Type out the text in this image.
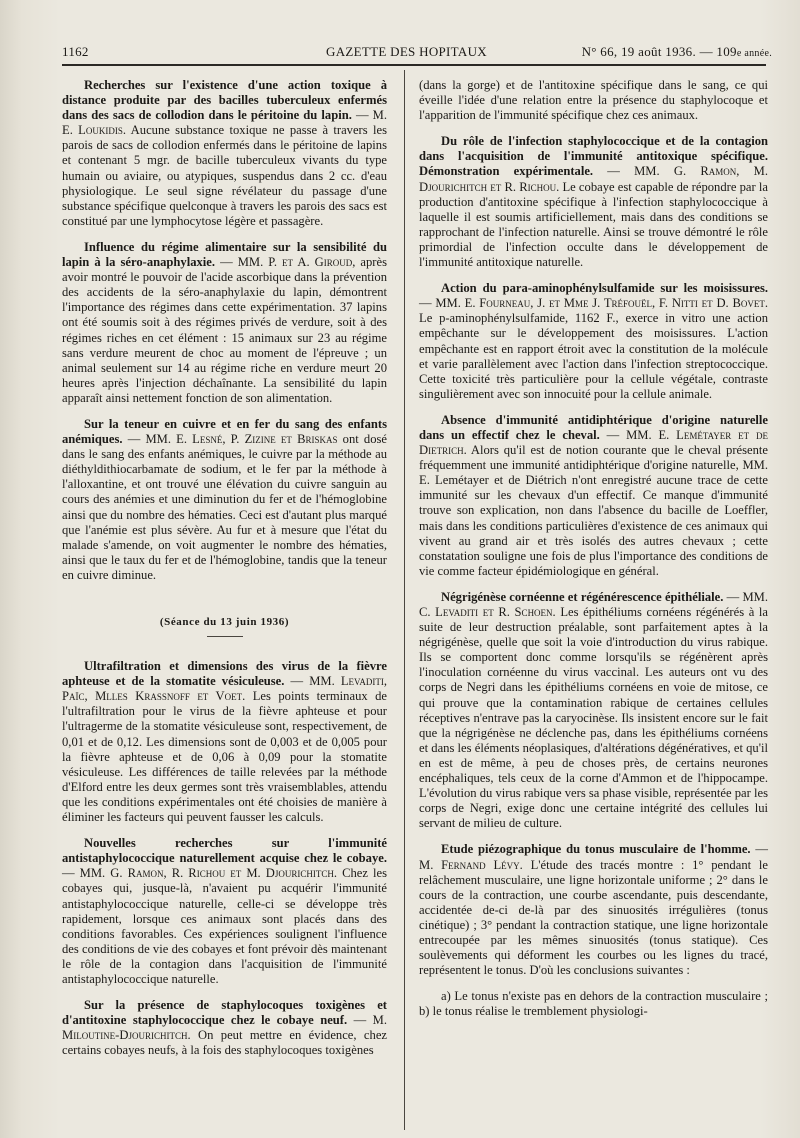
1162	GAZETTE DES HOPITAUX	N° 66, 19 août 1936. — 109e année.

Recherches sur l'existence d'une action toxique à distance produite par des bacilles tuberculeux enfermés dans des sacs de collodion dans le péritoine du lapin. — M. E. Loukidis. Aucune substance toxique ne passe à travers les parois de sacs de collodion enfermés dans le péritoine de lapins et contenant 5 mgr. de bacille tuberculeux vivants du type humain ou aviaire, ou atypiques, suspendus dans 2 cc. d'eau physiologique. Le seul signe révélateur du passage d'une substance spécifique quelconque à travers les parois des sacs est constitué par une lymphocytose légère et passagère.

Influence du régime alimentaire sur la sensibilité du lapin à la séro-anaphylaxie. — MM. P. et A. Giroud, après avoir montré le pouvoir de l'acide ascorbique dans la prévention des accidents de la séro-anaphylaxie du lapin, démontrent l'importance des régimes dans cette expérimentation. 37 lapins ont été soumis soit à des régimes privés de verdure, soit à des régimes riches en cet élément : 15 animaux sur 23 au régime sans verdure meurent de choc au moment de l'épreuve ; un animal seulement sur 14 au régime riche en verdure meurt 20 heures après l'injection déchaînante. La sensibilité du lapin apparaît ainsi nettement fonction de son alimentation.

Sur la teneur en cuivre et en fer du sang des enfants anémiques. — MM. E. Lesné, P. Zizine et Briskas ont dosé dans le sang des enfants anémiques, le cuivre par la méthode au diéthyldithiocarbamate de sodium, et le fer par la méthode à l'alloxantine, et ont trouvé une élévation du cuivre sanguin au cours des anémies et une diminution du fer et de l'hémoglobine ainsi que du nombre des hématies. Ceci est d'autant plus marqué que l'anémie est plus sévère. Au fur et à mesure que l'état du malade s'amende, on voit augmenter le nombre des hématies, ainsi que le taux du fer et de l'hémoglobine, tandis que la teneur en cuivre diminue.

(Séance du 13 juin 1936)

Ultrafiltration et dimensions des virus de la fièvre aphteuse et de la stomatite vésiculeuse. — MM. Levaditi, Païc, Mlles Krassnoff et Voet. Les points terminaux de l'ultrafiltration pour le virus de la fièvre aphteuse et pour l'ultragerme de la stomatite vésiculeuse sont, respectivement, de 0,01 et de 0,12. Les dimensions sont de 0,003 et de 0,005 pour la fièvre aphteuse et de 0,06 à 0,09 pour la stomatite vésiculeuse. Les différences de taille relevées par la méthode d'Elford entre les deux germes sont très vraisemblables, attendu que les conditions expérimentales ont été choisies de manière à éliminer les facteurs qui peuvent fausser les calculs.

Nouvelles recherches sur l'immunité antistaphylococcique naturellement acquise chez le cobaye. — MM. G. Ramon, R. Richou et M. Djourichitch. Chez les cobayes qui, jusque-là, n'avaient pu acquérir l'immunité antistaphylococcique naturelle, celle-ci se développe très rapidement, lorsque ces animaux sont placés dans des conditions favorables. Ces expériences soulignent l'influence des conditions de vie des cobayes et font prévoir dès maintenant le rôle de la contagion dans l'acquisition de l'immunité antistaphylococcique naturelle.

Sur la présence de staphylocoques toxigènes et d'antitoxine staphylococcique chez le cobaye neuf. — M. Miloutine-Djourichitch. On peut mettre en évidence, chez certains cobayes neufs, à la fois des staphylocoques toxigènes

(dans la gorge) et de l'antitoxine spécifique dans le sang, ce qui éveille l'idée d'une relation entre la présence du staphylocoque et l'apparition de l'immunité spécifique chez ces animaux.

Du rôle de l'infection staphylococcique et de la contagion dans l'acquisition de l'immunité antitoxique spécifique. Démonstration expérimentale. — MM. G. Ramon, M. Djourichitch et R. Richou. Le cobaye est capable de répondre par la production d'antitoxine spécifique à l'infection staphylococcique à laquelle il est soumis artificiellement, mais dans des conditions se rapprochant de l'infection naturelle. Ainsi se trouve démontré le rôle primordial de l'infection occulte dans le développement de l'immunité antitoxique naturelle.

Action du para-aminophénylsulfamide sur les moisissures. — MM. E. Fourneau, J. et Mme J. Tréfouël, F. Nitti et D. Bovet. Le p-aminophénylsulfamide, 1162 F., exerce in vitro une action empêchante sur le développement des moisissures. L'action empêchante est en rapport étroit avec la constitution de la molécule et varie parallèlement avec l'action dans l'infection streptococcique. Cette toxicité très particulière pour la cellule végétale, contraste singulièrement avec son innocuité pour la cellule animale.

Absence d'immunité antidiphtérique d'origine naturelle dans un effectif chez le cheval. — MM. E. Lemétayer et de Dietrich. Alors qu'il est de notion courante que le cheval présente fréquemment une immunité antidiphtérique d'origine naturelle, MM. E. Lemétayer et de Diétrich n'ont enregistré aucune trace de cette immunité sur les chevaux d'un effectif. Ce manque d'immunité trouve son explication, non dans l'absence du bacille de Loeffler, mais dans les conditions particulières d'existence de ces animaux qui vivent au grand air et très isolés des autres chevaux ; cette constatation souligne une fois de plus l'importance des conditions de vie comme facteur épidémiologique en général.

Négrigénèse cornéenne et régénérescence épithéliale. — MM. C. Levaditi et R. Schoen. Les épithéliums cornéens régénérés à la suite de leur destruction préalable, sont parfaitement aptes à la négrigénèse, quelle que soit la voie d'introduction du virus rabique. Ils se comportent donc comme lorsqu'ils se régénèrent après l'inoculation cornéenne du virus vaccinal. Les auteurs ont vu des corps de Negri dans les épithéliums cornéens en voie de mitose, ce qui prouve que la contamination rabique de certaines cellules réceptives n'entrave pas la caryocinèse. Ils insistent encore sur le fait que la négrigénèse ne déclenche pas, dans les épithéliums cornéens et dans les éléments néoplasiques, d'altérations dégénératives, et qu'il en est de même, à peu de choses près, de certains neurones encéphaliques, tels ceux de la corne d'Ammon et de l'hippocampe. L'évolution du virus rabique vers sa phase visible, représentée par les corps de Negri, exige donc une certaine intégrité des cellules lui servant de milieu de culture.

Etude piézographique du tonus musculaire de l'homme. — M. Fernand Lévy. L'étude des tracés montre : 1° pendant le relâchement musculaire, une ligne horizontale uniforme ; 2° dans le cours de la contraction, une courbe ascendante, puis descendante, accidentée de-ci de-là par des sinuosités irrégulières (tonus cinétique) ; 3° pendant la contraction statique, une ligne horizontale entrecoupée par les mêmes sinuosités (tonus statique). Ces soulèvements qui déforment les courbes ou les lignes du tracé, représentent le tonus. D'où les conclusions suivantes :

a) Le tonus n'existe pas en dehors de la contraction musculaire ; b) le tonus réalise le tremblement physiologi-
